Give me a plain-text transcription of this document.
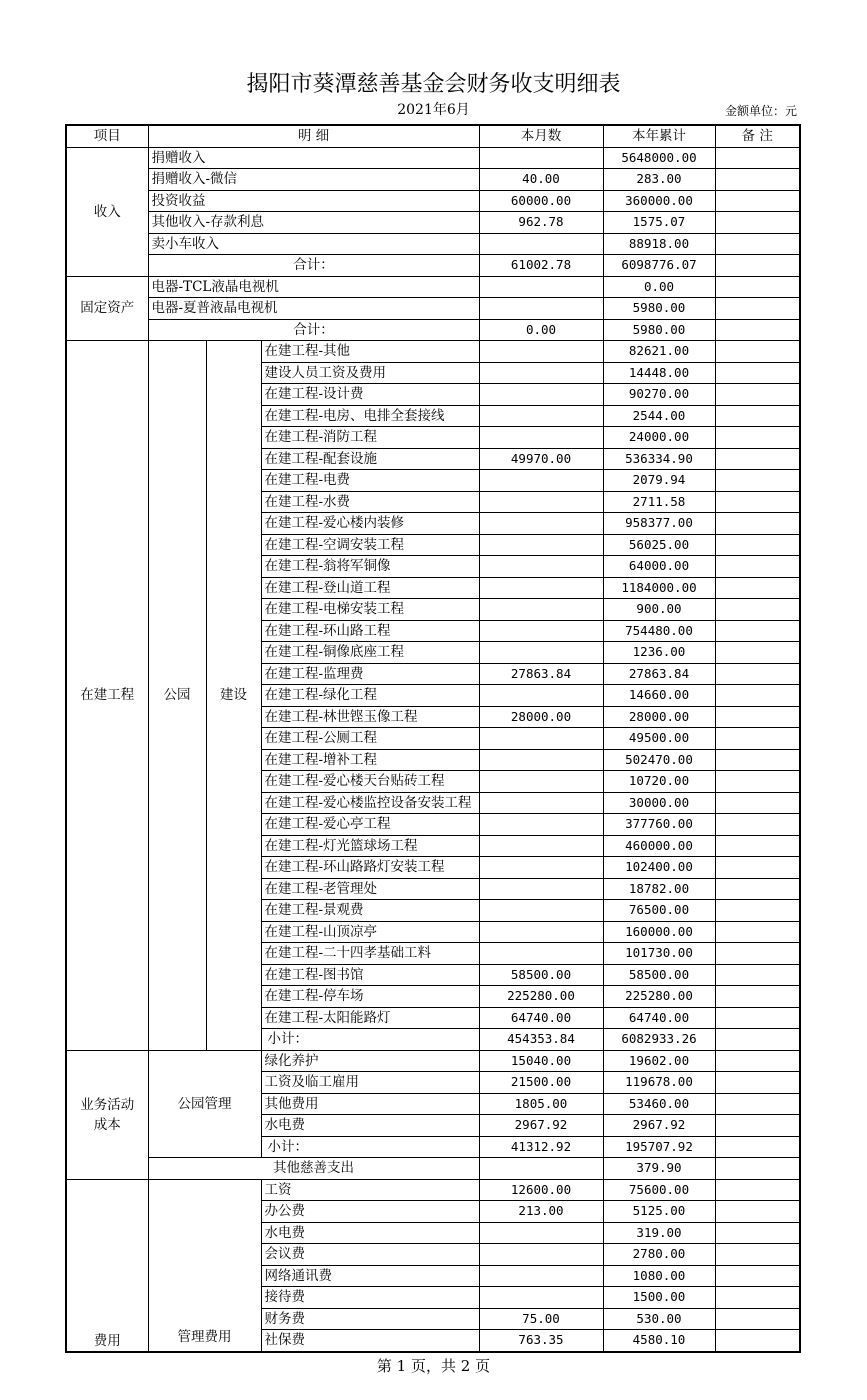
揭阳市葵潭慈善基金会财务收支明细表
2021年6月	金额单位：元
项目	明 细			本月数	本年累计	备 注
收入	捐赠收入				5648000.00	
	捐赠收入-微信			40.00	283.00	
	投资收益			60000.00	360000.00	
	其他收入-存款利息			962.78	1575.07	
	卖小车收入				88918.00	
	合计：			61002.78	6098776.07	
固定资产	电器-TCL液晶电视机				0.00	
	电器-夏普液晶电视机				5980.00	
	合计：			0.00	5980.00	
在建工程	公园	建设	在建工程-其他		82621.00	
			建设人员工资及费用		14448.00	
			在建工程-设计费		90270.00	
			在建工程-电房、电排全套接线		2544.00	
			在建工程-消防工程		24000.00	
			在建工程-配套设施	49970.00	536334.90	
			在建工程-电费		2079.94	
			在建工程-水费		2711.58	
			在建工程-爱心楼内装修		958377.00	
			在建工程-空调安装工程		56025.00	
			在建工程-翁将军铜像		64000.00	
			在建工程-登山道工程		1184000.00	
			在建工程-电梯安装工程		900.00	
			在建工程-环山路工程		754480.00	
			在建工程-铜像底座工程		1236.00	
			在建工程-监理费	27863.84	27863.84	
			在建工程-绿化工程		14660.00	
			在建工程-林世铿玉像工程	28000.00	28000.00	
			在建工程-公厕工程		49500.00	
			在建工程-增补工程		502470.00	
			在建工程-爱心楼天台贴砖工程		10720.00	
			在建工程-爱心楼监控设备安装工程		30000.00	
			在建工程-爱心亭工程		377760.00	
			在建工程-灯光篮球场工程		460000.00	
			在建工程-环山路路灯安装工程		102400.00	
			在建工程-老管理处		18782.00	
			在建工程-景观费		76500.00	
			在建工程-山顶凉亭		160000.00	
			在建工程-二十四孝基础工料		101730.00	
			在建工程-图书馆	58500.00	58500.00	
			在建工程-停车场	225280.00	225280.00	
			在建工程-太阳能路灯	64740.00	64740.00	
			小计：	454353.84	6082933.26	
业务活动成本	公园管理		绿化养护	15040.00	19602.00	
			工资及临工雇用	21500.00	119678.00	
			其他费用	1805.00	53460.00	
			水电费	2967.92	2967.92	
			小计：	41312.92	195707.92	
	其他慈善支出				379.90	
费用	管理费用		工资	12600.00	75600.00	
			办公费	213.00	5125.00	
			水电费		319.00	
			会议费		2780.00	
			网络通讯费		1080.00	
			接待费		1500.00	
			财务费	75.00	530.00	
			社保费	763.35	4580.10	
第 1 页，共 2 页
